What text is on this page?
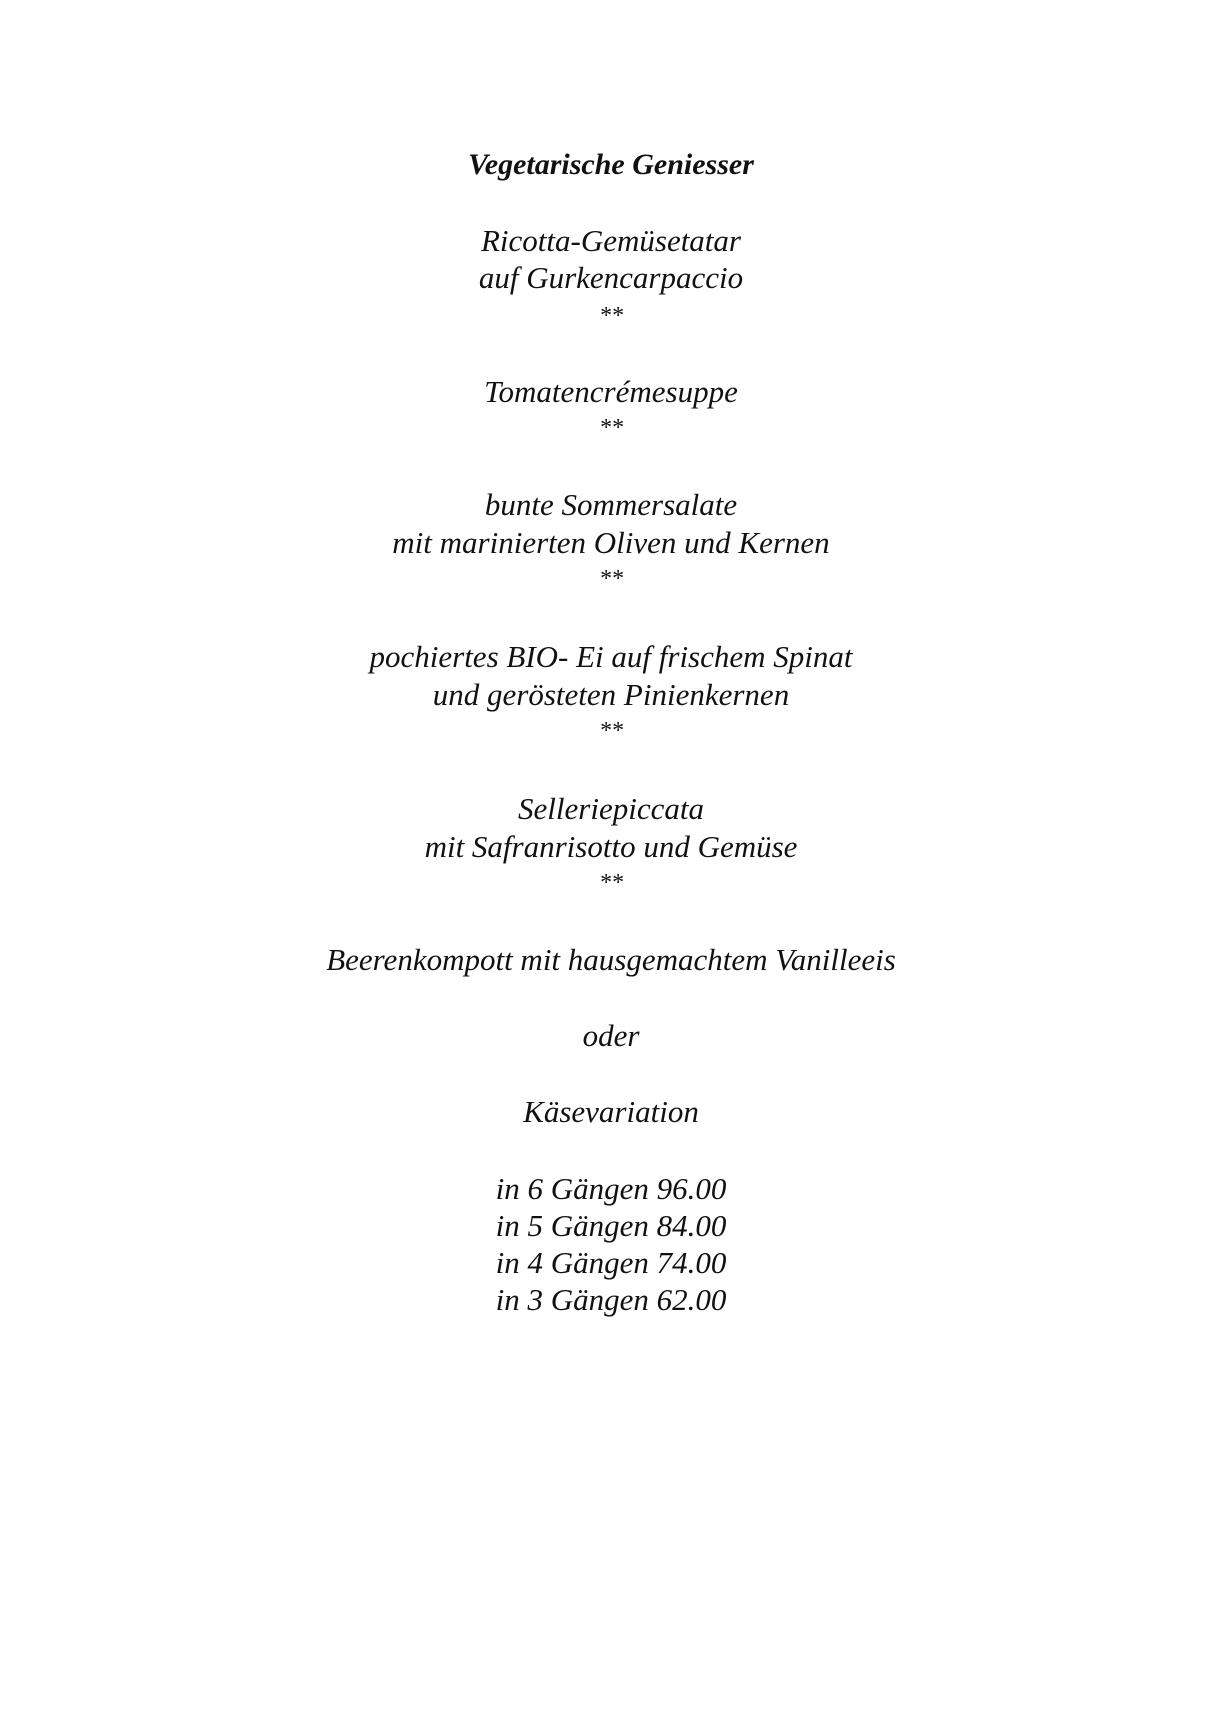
Vegetarische Geniesser
Ricotta-Gemüsetatar
auf Gurkencarpaccio
**
Tomatencrémesuppe
**
bunte Sommersalate
mit marinierten Oliven und Kernen
**
pochiertes BIO- Ei auf frischem Spinat
und gerösteten Pinienkernen
**
Selleriepiccata
mit Safranrisotto und Gemüse
**
Beerenkompott mit hausgemachtem Vanilleeis
oder
Käsevariation
in 6 Gängen 96.00
in 5 Gängen 84.00
in 4 Gängen 74.00
in 3 Gängen 62.00
